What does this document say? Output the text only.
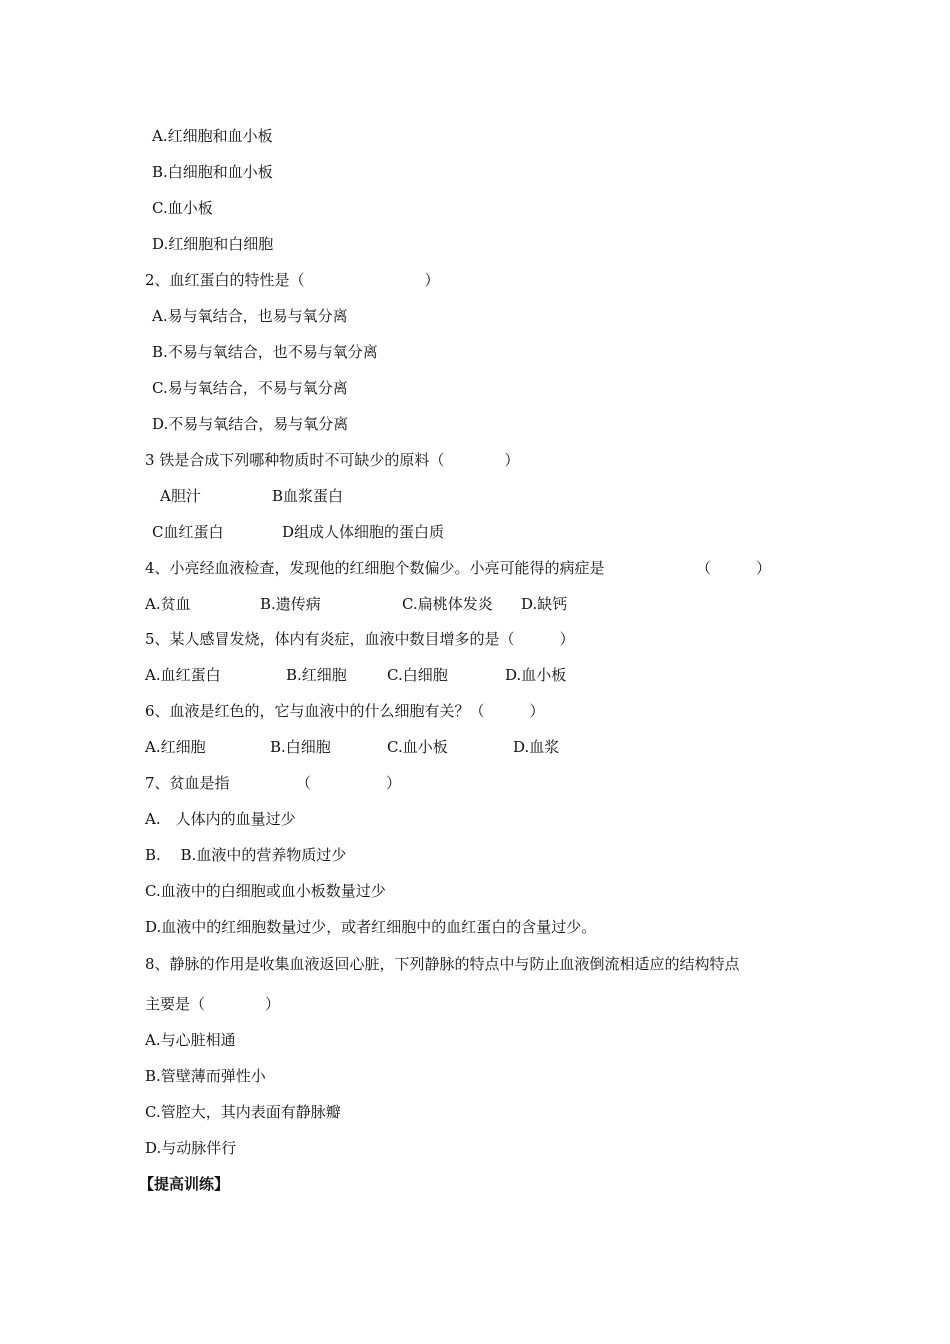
A.红细胞和血小板
B.白细胞和血小板
C.血小板
D.红细胞和白细胞
2、血红蛋白的特性是（　　　　　　　　）
A.易与氧结合，也易与氧分离
B.不易与氧结合，也不易与氧分离
C.易与氧结合，不易与氧分离
D.不易与氧结合，易与氧分离
3 铁是合成下列哪种物质时不可缺少的原料（　　　　）

A胆汁

	B血浆蛋白

C血红蛋白

	D组成人体细胞的蛋白质

4、小亮经血液检查，发现他的红细胞个数偏少。小亮可能得的病症是

	（　　　）

A.贫血

	B.遗传病

	C.扁桃体发炎

D.缺钙

5、某人感冒发烧，体内有炎症，血液中数目增多的是（　　　）

A.血红蛋白

	B.红细胞

	C.白细胞

	D.血小板

6、血液是红色的，它与血液中的什么细胞有关？（　　　）

A.红细胞

	B.白细胞

	C.血小板

	D.血浆

7、贫血是指

	（　　　　　）

A.　人体内的血量过少
B.　 B.血液中的营养物质过少
C.血液中的白细胞或血小板数量过少
D.血液中的红细胞数量过少，或者红细胞中的血红蛋白的含量过少。
8、静脉的作用是收集血液返回心脏，下列静脉的特点中与防止血液倒流相适应的结构特点
主要是（　　　　）
A.与心脏相通
B.管壁薄而弹性小
C.管腔大，其内表面有静脉瓣
D.与动脉伴行
【提高训练】
